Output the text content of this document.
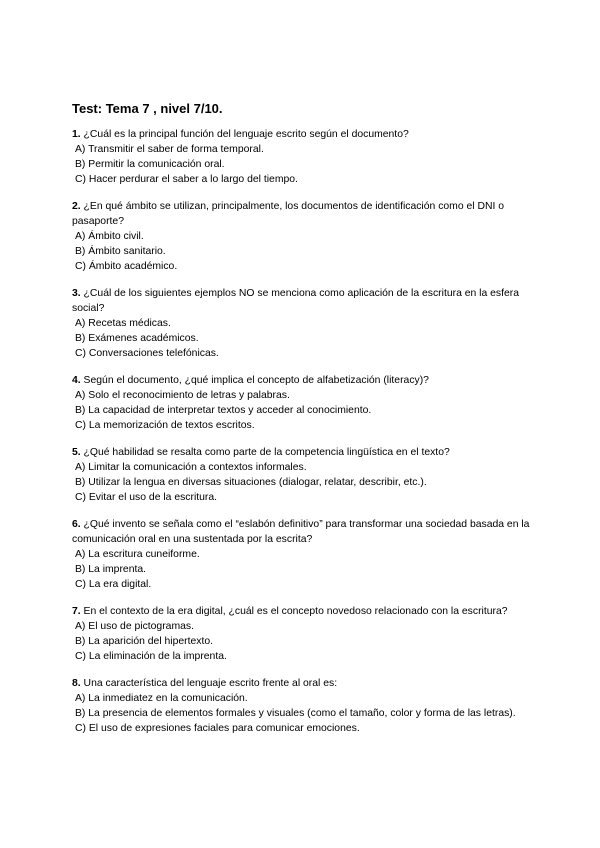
Test: Tema 7 , nivel 7/10.

1. ¿Cuál es la principal función del lenguaje escrito según el documento?

A) Transmitir el saber de forma temporal.
B) Permitir la comunicación oral.
C) Hacer perdurar el saber a lo largo del tiempo.

2. ¿En qué ámbito se utilizan, principalmente, los documentos de identificación como el DNI o pasaporte?

A) Ámbito civil.
B) Ámbito sanitario.
C) Ámbito académico.

3. ¿Cuál de los siguientes ejemplos NO se menciona como aplicación de la escritura en la esfera social?

A) Recetas médicas.
B) Exámenes académicos.
C) Conversaciones telefónicas.

4. Según el documento, ¿qué implica el concepto de alfabetización (literacy)?

A) Solo el reconocimiento de letras y palabras.
B) La capacidad de interpretar textos y acceder al conocimiento.
C) La memorización de textos escritos.

5. ¿Qué habilidad se resalta como parte de la competencia lingüística en el texto?

A) Limitar la comunicación a contextos informales.
B) Utilizar la lengua en diversas situaciones (dialogar, relatar, describir, etc.).
C) Evitar el uso de la escritura.

6. ¿Qué invento se señala como el “eslabón definitivo” para transformar una sociedad basada en la comunicación oral en una sustentada por la escrita?

A) La escritura cuneiforme.
B) La imprenta.
C) La era digital.

7. En el contexto de la era digital, ¿cuál es el concepto novedoso relacionado con la escritura?

A) El uso de pictogramas.
B) La aparición del hipertexto.
C) La eliminación de la imprenta.

8. Una característica del lenguaje escrito frente al oral es:

A) La inmediatez en la comunicación.
B) La presencia de elementos formales y visuales (como el tamaño, color y forma de las letras).
C) El uso de expresiones faciales para comunicar emociones.
